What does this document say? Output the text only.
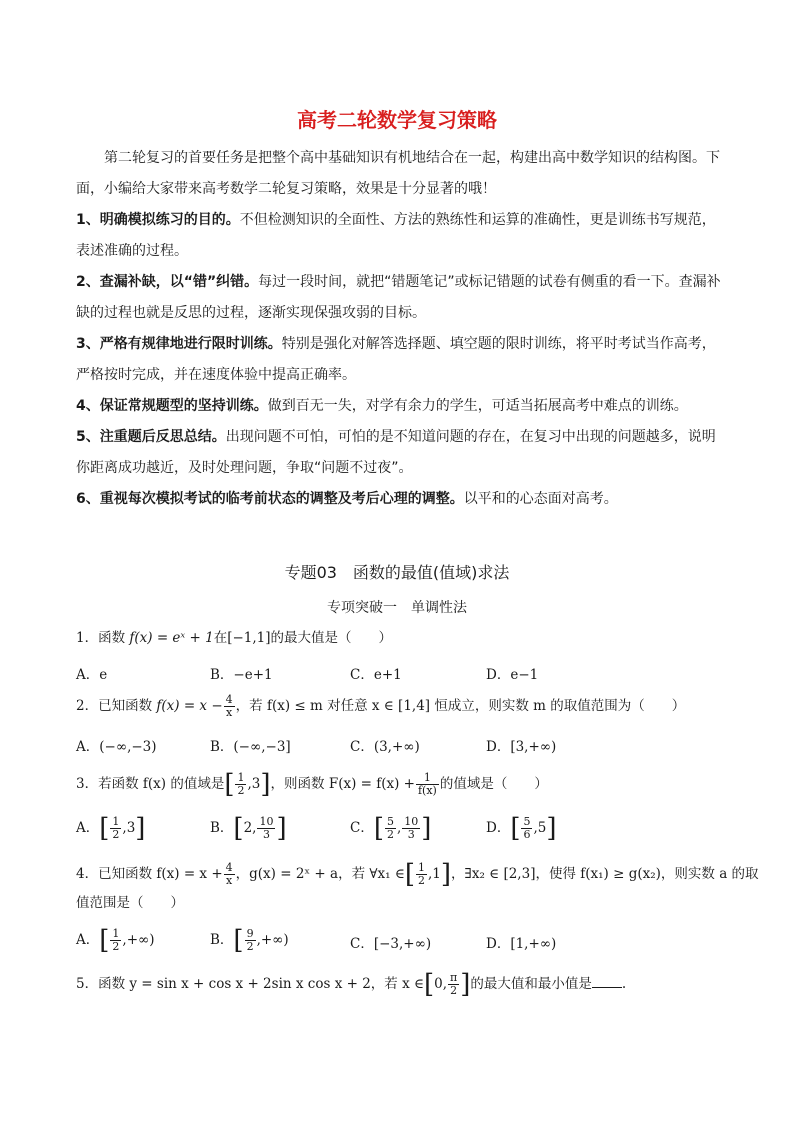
高考二轮数学复习策略
第二轮复习的首要任务是把整个高中基础知识有机地结合在一起，构建出高中数学知识的结构图。下面，小编给大家带来高考数学二轮复习策略，效果是十分显著的哦！
1、明确模拟练习的目的。不但检测知识的全面性、方法的熟练性和运算的准确性，更是训练书写规范，表述准确的过程。
2、查漏补缺，以“错”纠错。每过一段时间，就把“错题笔记”或标记错题的试卷有侧重的看一下。查漏补缺的过程也就是反思的过程，逐渐实现保强攻弱的目标。
3、严格有规律地进行限时训练。特别是强化对解答选择题、填空题的限时训练，将平时考试当作高考，严格按时完成，并在速度体验中提高正确率。
4、保证常规题型的坚持训练。做到百无一失，对学有余力的学生，可适当拓展高考中难点的训练。
5、注重题后反思总结。出现问题不可怕，可怕的是不知道问题的存在，在复习中出现的问题越多，说明你距离成功越近，及时处理问题，争取“问题不过夜”。
6、重视每次模拟考试的临考前状态的调整及考后心理的调整。以平和的心态面对高考。
专题03　函数的最值(值域)求法
专项突破一　单调性法
1．函数 f(x) = eˣ + 1在[−1,1]的最大值是（　　）
A．e	B．−e+1	C．e+1	D．e−1
2．已知函数 $f(x) = x - \frac{4}{x}$ ，若 f(x) ≤ m 对任意 x ∈ [1,4] 恒成立，则实数 m 的取值范围为（　　）
A．(−∞,−3)	B．(−∞,−3]	C．(3,+∞)	D．[3,+∞)
3．若函数 f(x) 的值域是[ $\frac{1}{2} ,3$]，则函数 $F(x) = f(x) + \frac{1}{f(x)}$ 的值域是（　　）
A．[ $\frac{1}{2} ,3$]	B．[2, $\frac{10}{3}$ ]	C．[ $\frac{5}{2}$ , $\frac{10}{3}$ ]	D．[ $\frac{5}{6} ,5$]
4．已知函数 $f(x) = x + \frac{4}{x}$ ，g(x) = 2ˣ + a，若 ∀x₁ ∈[ $\frac{1}{2} ,1$]，∃x₂ ∈ [2,3]，使得 f(x₁) ≥ g(x₂)，则实数 a 的取
值范围是（　　）
A．[ $\frac{1}{2}$ ,+∞)	B．[ $\frac{9}{2}$ ,+∞)	C．[−3,+∞)	D．[1,+∞)
5．函数 y = sin x + cos x + 2sin x cos x + 2，若 x ∈[0, $\frac{\pi}{2}$ ]的最大值和最小值是 .
